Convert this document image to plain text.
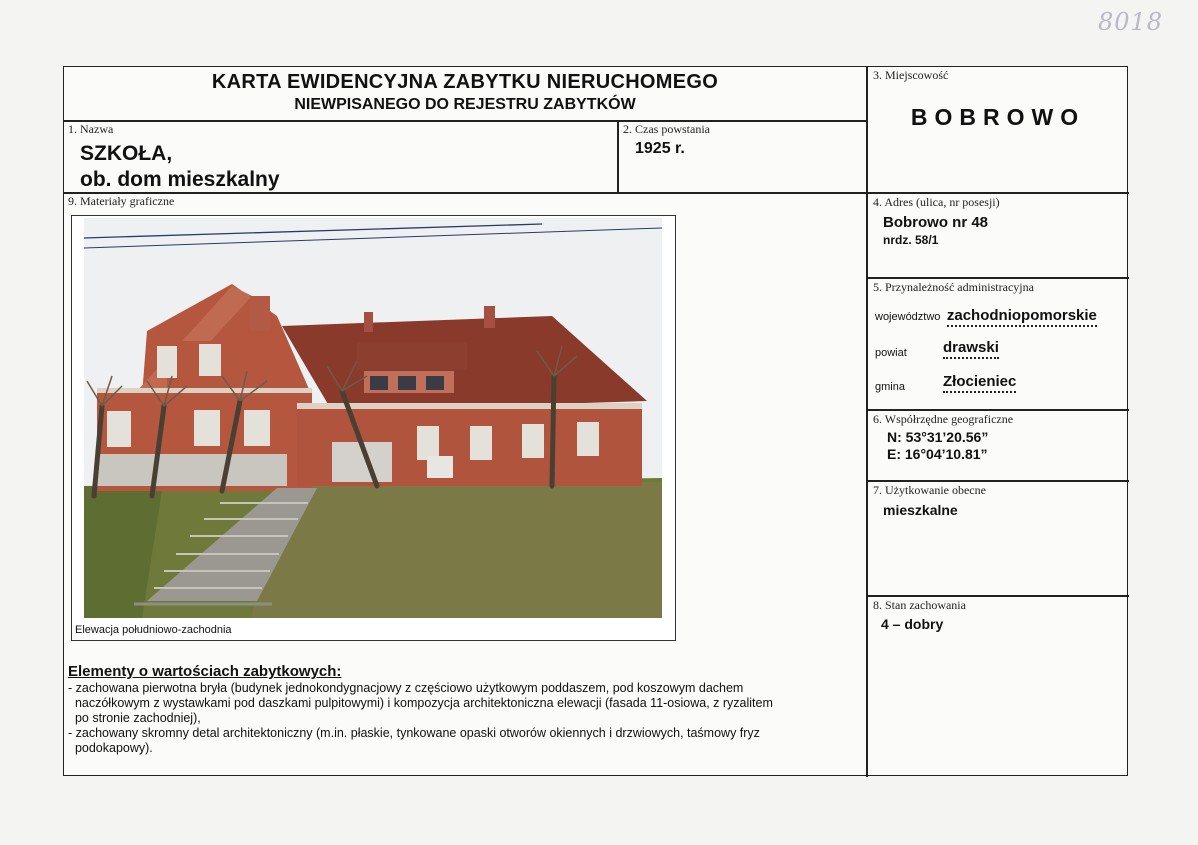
8018
KARTA EWIDENCYJNA ZABYTKU NIERUCHOMEGO
NIEWPISANEGO DO REJESTRU ZABYTKÓW
3. Miejscowość
BOBROWO
1. Nazwa
SZKOŁA,
ob. dom mieszkalny
2. Czas powstania
1925 r.
4. Adres (ulica, nr posesji)
Bobrowo nr 48
nrdz. 58/1
5. Przynależność administracyjna
województwo zachodniopomorskie
powiat drawski
gmina	Złocieniec
6. Współrzędne geograficzne
N: 53°31’20.56”
E: 16°04’10.81”
7. Użytkowanie obecne
mieszkalne
8. Stan zachowania
4 – dobry
9. Materiały graficzne
Elewacja południowo-zachodnia
Elementy o wartościach zabytkowych:
- zachowana pierwotna bryła (budynek jednokondygnacjowy z częściowo użytkowym poddaszem, pod koszowym dachem
naczółkowym z wystawkami pod daszkami pulpitowymi) i kompozycja architektoniczna elewacji (fasada 11-osiowa, z ryzalitem
po stronie zachodniej),
- zachowany skromny detal architektoniczny (m.in. płaskie, tynkowane opaski otworów okiennych i drzwiowych, taśmowy fryz
podokapowy).
